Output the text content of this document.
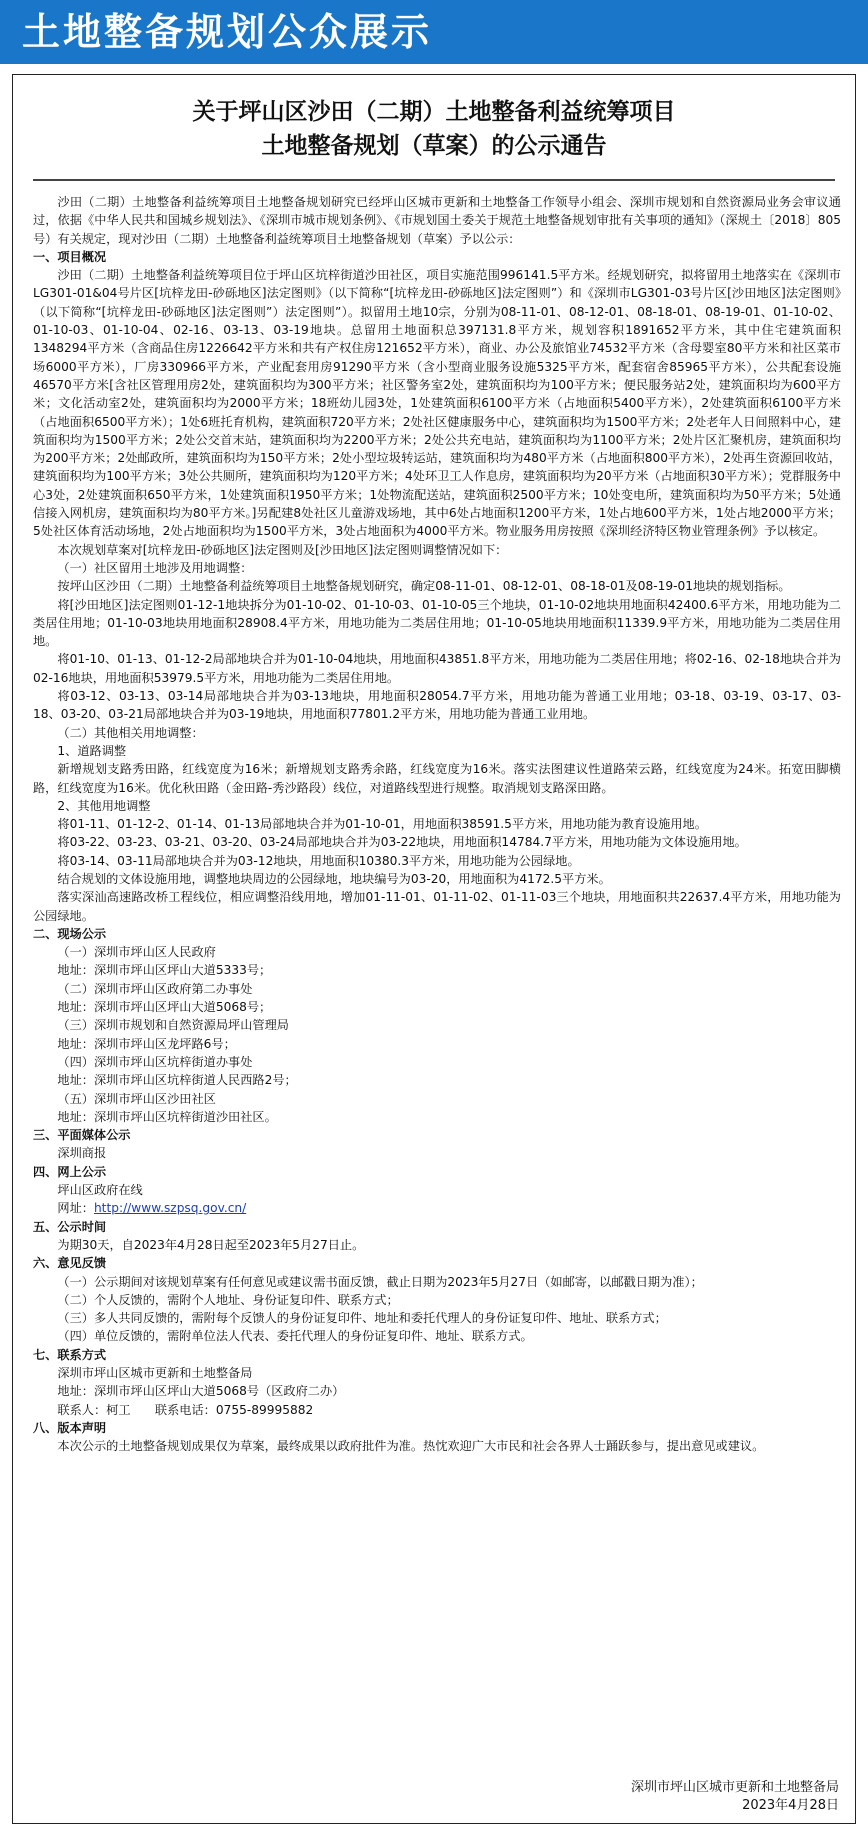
土地整备规划公众展示
关于坪山区沙田（二期）土地整备利益统筹项目
土地整备规划（草案）的公示通告

沙田（二期）土地整备利益统筹项目土地整备规划研究已经坪山区城市更新和土地整备工作领导小组会、深圳市规划和自然资源局业务会审议通过，依据《中华人民共和国城乡规划法》、《深圳市城市规划条例》、《市规划国土委关于规范土地整备规划审批有关事项的通知》（深规土〔2018〕805号）有关规定，现对沙田（二期）土地整备利益统筹项目土地整备规划（草案）予以公示：

一、项目概况

沙田（二期）土地整备利益统筹项目位于坪山区坑梓街道沙田社区，项目实施范围996141.5平方米。经规划研究，拟将留用土地落实在《深圳市LG301-01&04号片区[坑梓龙田-砂砾地区]法定图则》（以下简称“[坑梓龙田-砂砾地区]法定图则”）和《深圳市LG301-03号片区[沙田地区]法定图则》（以下简称“[坑梓龙田-砂砾地区]法定图则”）法定图则”）。拟留用土地10宗，分别为08-11-01、08-12-01、08-18-01、08-19-01、01-10-02、01-10-03、01-10-04、02-16、03-13、03-19地块。总留用土地面积总397131.8平方米，规划容积1891652平方米，其中住宅建筑面积1348294平方米（含商品住房1226642平方米和共有产权住房121652平方米），商业、办公及旅馆业74532平方米（含母婴室80平方米和社区菜市场6000平方米），厂房330966平方米，产业配套用房91290平方米（含小型商业服务设施5325平方米，配套宿舍85965平方米），公共配套设施46570平方米[含社区管理用房2处，建筑面积均为300平方米；社区警务室2处，建筑面积均为100平方米；便民服务站2处，建筑面积均为600平方米；文化活动室2处，建筑面积均为2000平方米；18班幼儿园3处，1处建筑面积6100平方米（占地面积5400平方米），2处建筑面积6100平方米（占地面积6500平方米）；1处6班托育机构，建筑面积720平方米；2处社区健康服务中心，建筑面积均为1500平方米；2处老年人日间照料中心，建筑面积均为1500平方米；2处公交首末站，建筑面积均为2200平方米；2处公共充电站，建筑面积均为1100平方米；2处片区汇聚机房，建筑面积均为200平方米；2处邮政所，建筑面积均为150平方米；2处小型垃圾转运站，建筑面积均为480平方米（占地面积800平方米），2处再生资源回收站，建筑面积均为100平方米；3处公共厕所，建筑面积均为120平方米；4处环卫工人作息房，建筑面积均为20平方米（占地面积30平方米）；党群服务中心3处，2处建筑面积650平方米，1处建筑面积1950平方米；1处物流配送站，建筑面积2500平方米；10处变电所，建筑面积均为50平方米；5处通信接入网机房，建筑面积均为80平方米。]另配建8处社区儿童游戏场地，其中6处占地面积1200平方米，1处占地600平方米，1处占地2000平方米；5处社区体育活动场地，2处占地面积均为1500平方米，3处占地面积为4000平方米。物业服务用房按照《深圳经济特区物业管理条例》予以核定。

本次规划草案对[坑梓龙田-砂砾地区]法定图则及[沙田地区]法定图则调整情况如下：

（一）社区留用土地涉及用地调整：

按坪山区沙田（二期）土地整备利益统筹项目土地整备规划研究，确定08-11-01、08-12-01、08-18-01及08-19-01地块的规划指标。

将[沙田地区]法定图则01-12-1地块拆分为01-10-02、01-10-03、01-10-05三个地块，01-10-02地块用地面积42400.6平方米，用地功能为二类居住用地；01-10-03地块用地面积28908.4平方米，用地功能为二类居住用地；01-10-05地块用地面积11339.9平方米，用地功能为二类居住用地。

将01-10、01-13、01-12-2局部地块合并为01-10-04地块，用地面积43851.8平方米，用地功能为二类居住用地；将02-16、02-18地块合并为02-16地块，用地面积53979.5平方米，用地功能为二类居住用地。

将03-12、03-13、03-14局部地块合并为03-13地块，用地面积28054.7平方米，用地功能为普通工业用地；03-18、03-19、03-17、03-18、03-20、03-21局部地块合并为03-19地块，用地面积77801.2平方米，用地功能为普通工业用地。

（二）其他相关用地调整：

1、道路调整

新增规划支路秀田路，红线宽度为16米；新增规划支路秀余路，红线宽度为16米。落实法图建议性道路荣云路，红线宽度为24米。拓宽田脚横路，红线宽度为16米。优化秋田路（金田路-秀沙路段）线位，对道路线型进行规整。取消规划支路深田路。

2、其他用地调整

将01-11、01-12-2、01-14、01-13局部地块合并为01-10-01，用地面积38591.5平方米，用地功能为教育设施用地。

将03-22、03-23、03-21、03-20、03-24局部地块合并为03-22地块，用地面积14784.7平方米，用地功能为文体设施用地。

将03-14、03-11局部地块合并为03-12地块，用地面积10380.3平方米，用地功能为公园绿地。

结合规划的文体设施用地，调整地块周边的公园绿地，地块编号为03-20，用地面积为4172.5平方米。

落实深汕高速路改桥工程线位，相应调整沿线用地，增加01-11-01、01-11-02、01-11-03三个地块，用地面积共22637.4平方米，用地功能为公园绿地。

二、现场公示

（一）深圳市坪山区人民政府

地址：深圳市坪山区坪山大道5333号；

（二）深圳市坪山区政府第二办事处

地址：深圳市坪山区坪山大道5068号；

（三）深圳市规划和自然资源局坪山管理局

地址：深圳市坪山区龙坪路6号；

（四）深圳市坪山区坑梓街道办事处

地址：深圳市坪山区坑梓街道人民西路2号；

（五）深圳市坪山区沙田社区

地址：深圳市坪山区坑梓街道沙田社区。

三、平面媒体公示

深圳商报

四、网上公示

坪山区政府在线

网址：http://www.szpsq.gov.cn/

五、公示时间

为期30天，自2023年4月28日起至2023年5月27日止。

六、意见反馈

（一）公示期间对该规划草案有任何意见或建议需书面反馈，截止日期为2023年5月27日（如邮寄，以邮戳日期为准）；

（二）个人反馈的，需附个人地址、身份证复印件、联系方式；

（三）多人共同反馈的，需附每个反馈人的身份证复印件、地址和委托代理人的身份证复印件、地址、联系方式；

（四）单位反馈的，需附单位法人代表、委托代理人的身份证复印件、地址、联系方式。

七、联系方式

深圳市坪山区城市更新和土地整备局

地址：深圳市坪山区坪山大道5068号（区政府二办）

联系人：柯工　　联系电话：0755-89995882

八、版本声明

本次公示的土地整备规划成果仅为草案，最终成果以政府批件为准。热忱欢迎广大市民和社会各界人士踊跃参与，提出意见或建议。

深圳市坪山区城市更新和土地整备局
2023年4月28日
